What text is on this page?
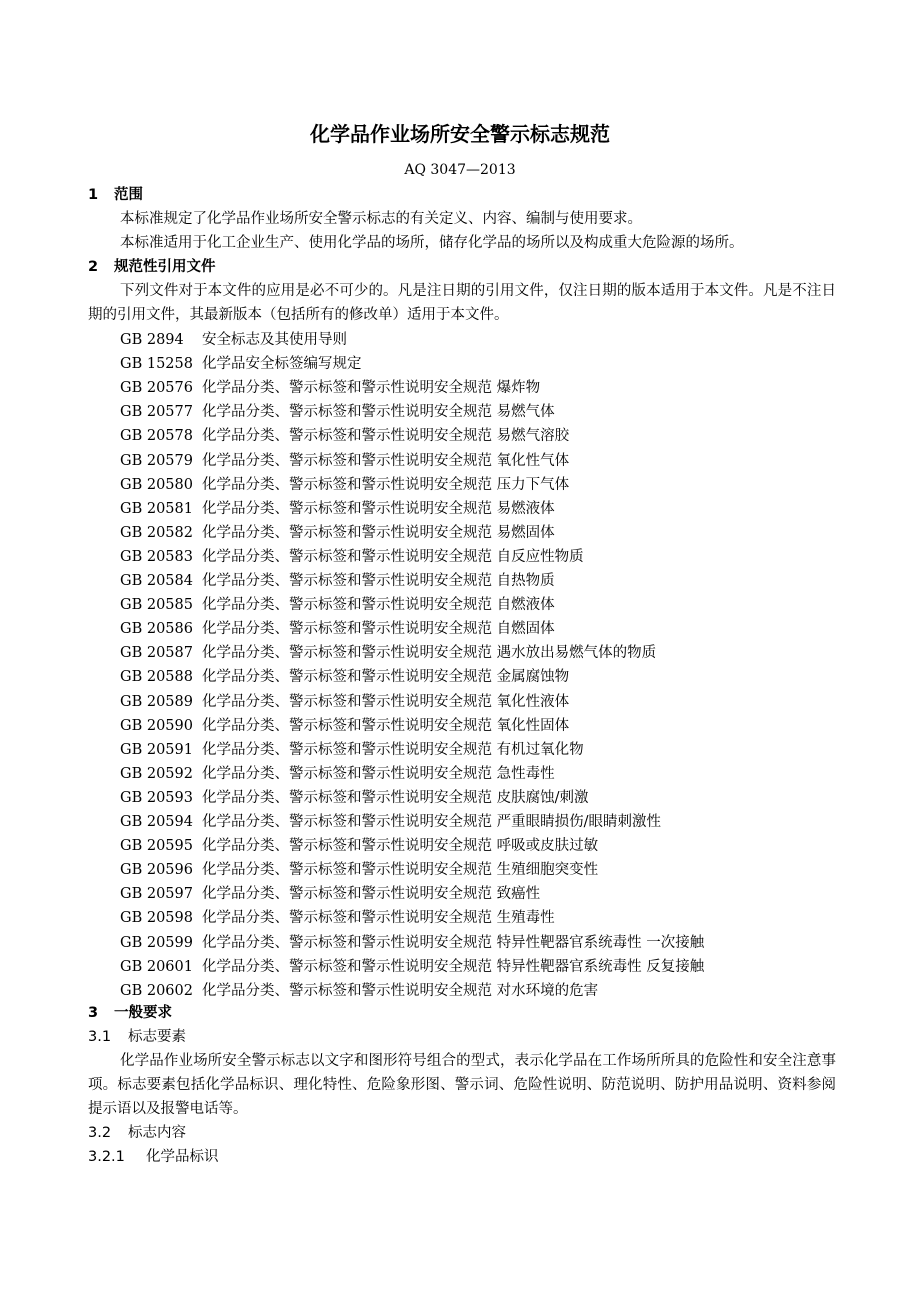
化学品作业场所安全警示标志规范
AQ 3047—2013
1 范围
本标准规定了化学品作业场所安全警示标志的有关定义、内容、编制与使用要求。
本标准适用于化工企业生产、使用化学品的场所，储存化学品的场所以及构成重大危险源的场所。
2 规范性引用文件
下列文件对于本文件的应用是必不可少的。凡是注日期的引用文件，仅注日期的版本适用于本文件。凡是不注日期的引用文件，其最新版本（包括所有的修改单）适用于本文件。
GB 2894 安全标志及其使用导则
GB 15258 化学品安全标签编写规定
GB 20576 化学品分类、警示标签和警示性说明安全规范 爆炸物
GB 20577 化学品分类、警示标签和警示性说明安全规范 易燃气体
GB 20578 化学品分类、警示标签和警示性说明安全规范 易燃气溶胶
GB 20579 化学品分类、警示标签和警示性说明安全规范 氧化性气体
GB 20580 化学品分类、警示标签和警示性说明安全规范 压力下气体
GB 20581 化学品分类、警示标签和警示性说明安全规范 易燃液体
GB 20582 化学品分类、警示标签和警示性说明安全规范 易燃固体
GB 20583 化学品分类、警示标签和警示性说明安全规范 自反应性物质
GB 20584 化学品分类、警示标签和警示性说明安全规范 自热物质
GB 20585 化学品分类、警示标签和警示性说明安全规范 自燃液体
GB 20586 化学品分类、警示标签和警示性说明安全规范 自燃固体
GB 20587 化学品分类、警示标签和警示性说明安全规范 遇水放出易燃气体的物质
GB 20588 化学品分类、警示标签和警示性说明安全规范 金属腐蚀物
GB 20589 化学品分类、警示标签和警示性说明安全规范 氧化性液体
GB 20590 化学品分类、警示标签和警示性说明安全规范 氧化性固体
GB 20591 化学品分类、警示标签和警示性说明安全规范 有机过氧化物
GB 20592 化学品分类、警示标签和警示性说明安全规范 急性毒性
GB 20593 化学品分类、警示标签和警示性说明安全规范 皮肤腐蚀/刺激
GB 20594 化学品分类、警示标签和警示性说明安全规范 严重眼睛损伤/眼睛刺激性
GB 20595 化学品分类、警示标签和警示性说明安全规范 呼吸或皮肤过敏
GB 20596 化学品分类、警示标签和警示性说明安全规范 生殖细胞突变性
GB 20597 化学品分类、警示标签和警示性说明安全规范 致癌性
GB 20598 化学品分类、警示标签和警示性说明安全规范 生殖毒性
GB 20599 化学品分类、警示标签和警示性说明安全规范 特异性靶器官系统毒性 一次接触
GB 20601 化学品分类、警示标签和警示性说明安全规范 特异性靶器官系统毒性 反复接触
GB 20602 化学品分类、警示标签和警示性说明安全规范 对水环境的危害
3 一般要求
3.1 标志要素
化学品作业场所安全警示标志以文字和图形符号组合的型式，表示化学品在工作场所所具的危险性和安全注意事项。标志要素包括化学品标识、理化特性、危险象形图、警示词、危险性说明、防范说明、防护用品说明、资料参阅提示语以及报警电话等。
3.2 标志内容
3.2.1 化学品标识
